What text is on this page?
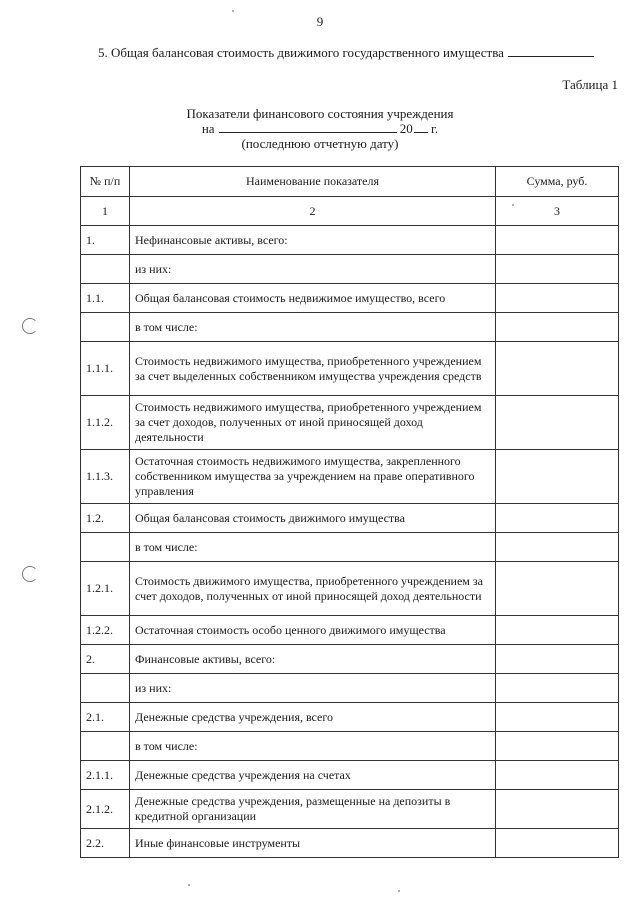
9
5. Общая балансовая стоимость движимого государственного имущества
Таблица 1
Показатели финансового состояния учреждения
на	20 г.
(последнюю отчетную дату)
№ п/п	Наименование показателя	Сумма, руб.
1	2	3
1.	Нефинансовые активы, всего:	
	из них:	
1.1.	Общая балансовая стоимость недвижимое имущество, всего	
	в том числе:	
1.1.1.	Стоимость недвижимого имущества, приобретенного учреждением за счет выделенных собственником имущества учреждения средств	
1.1.2.	Стоимость недвижимого имущества, приобретенного учреждением за счет доходов, полученных от иной приносящей доход деятельности	
1.1.3.	Остаточная стоимость недвижимого имущества, закрепленного собственником имущества за учреждением на праве оперативного управления	
1.2.	Общая балансовая стоимость движимого имущества	
	в том числе:	
1.2.1.	Стоимость движимого имущества, приобретенного учреждением за счет доходов, полученных от иной приносящей доход деятельности	
1.2.2.	Остаточная стоимость особо ценного движимого имущества	
2.	Финансовые активы, всего:	
	из них:	
2.1.	Денежные средства учреждения, всего	
	в том числе:	
2.1.1.	Денежные средства учреждения на счетах	
2.1.2.	Денежные средства учреждения, размещенные на депозиты в кредитной организации	
2.2.	Иные финансовые инструменты	
